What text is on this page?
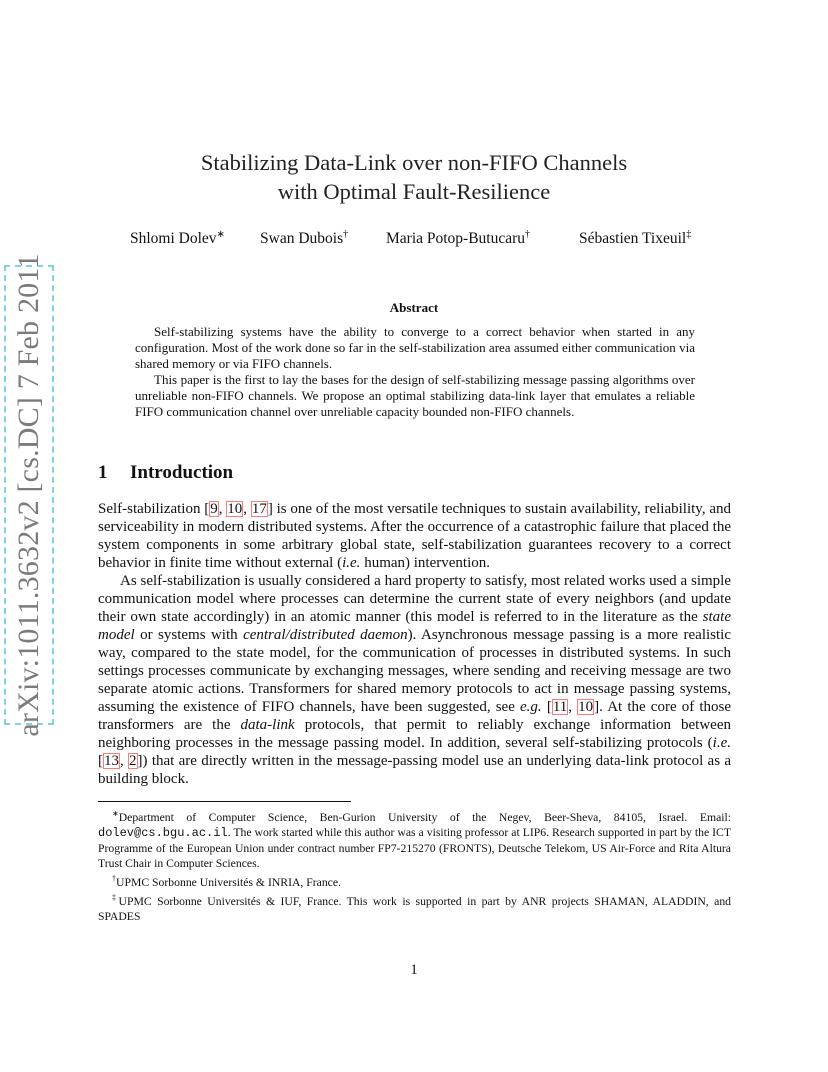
arXiv:1011.3632v2 [cs.DC] 7 Feb 2011
Stabilizing Data-Link over non-FIFO Channels
with Optimal Fault-Resilience
Shlomi Dolev∗ Swan Dubois† Maria Potop-Butucaru†	Sébastien Tixeuil‡
Abstract

Self-stabilizing systems have the ability to converge to a correct behavior when started in any configuration. Most of the work done so far in the self-stabilization area assumed either communication via shared memory or via FIFO channels.

This paper is the first to lay the bases for the design of self-stabilizing message passing algorithms over unreliable non-FIFO channels. We propose an optimal stabilizing data-link layer that emulates a reliable FIFO communication channel over unreliable capacity bounded non-FIFO channels.

1 Introduction

Self-stabilization [9, 10, 17] is one of the most versatile techniques to sustain availability, reliability, and serviceability in modern distributed systems. After the occurrence of a catastrophic failure that placed the system components in some arbitrary global state, self-stabilization guarantees recovery to a correct behavior in finite time without external (i.e. human) intervention.

As self-stabilization is usually considered a hard property to satisfy, most related works used a simple communication model where processes can determine the current state of every neighbors (and update their own state accordingly) in an atomic manner (this model is referred to in the literature as the state model or systems with central/distributed daemon). Asynchronous message passing is a more realistic way, compared to the state model, for the communication of processes in distributed systems. In such settings processes communicate by exchanging messages, where sending and receiving message are two separate atomic actions. Transformers for shared memory protocols to act in message passing systems, assuming the existence of FIFO channels, have been suggested, see e.g. [11, 10]. At the core of those transformers are the data-link protocols, that permit to reliably exchange information between neighboring processes in the message passing model. In addition, several self-stabilizing protocols (i.e. [13, 2]) that are directly written in the message-passing model use an underlying data-link protocol as a building block.

∗Department of Computer Science, Ben-Gurion University of the Negev, Beer-Sheva, 84105, Israel. Email: dolev@cs.bgu.ac.il. The work started while this author was a visiting professor at LIP6. Research supported in part by the ICT Programme of the European Union under contract number FP7-215270 (FRONTS), Deutsche Telekom, US Air-Force and Rita Altura Trust Chair in Computer Sciences.

†UPMC Sorbonne Universités & INRIA, France.

‡UPMC Sorbonne Universités & IUF, France. This work is supported in part by ANR projects SHAMAN, ALADDIN, and SPADES

1
